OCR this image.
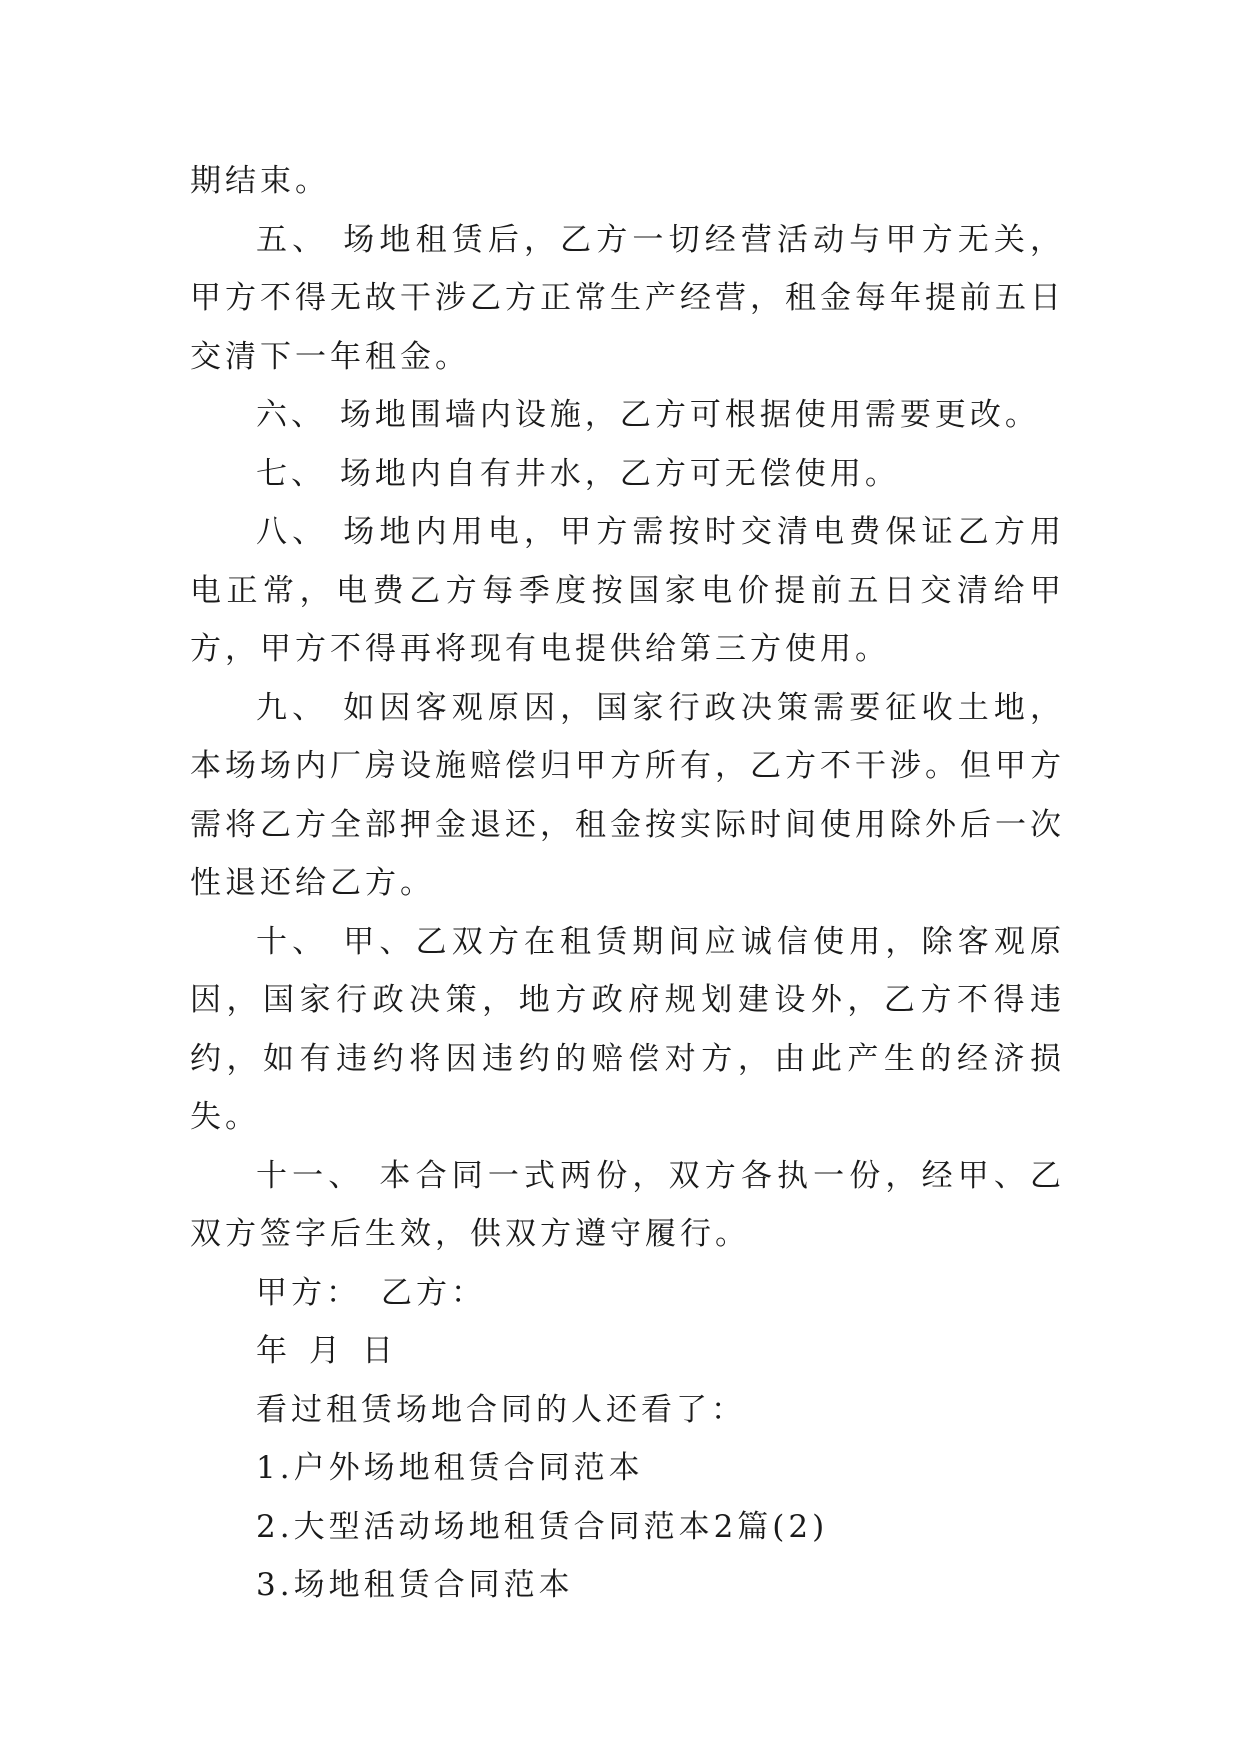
期结束。

五、 场地租赁后，乙方一切经营活动与甲方无关，甲方不得无故干涉乙方正常生产经营，租金每年提前五日交清下一年租金。

六、 场地围墙内设施，乙方可根据使用需要更改。

七、 场地内自有井水，乙方可无偿使用。

八、 场地内用电，甲方需按时交清电费保证乙方用电正常，电费乙方每季度按国家电价提前五日交清给甲方，甲方不得再将现有电提供给第三方使用。

九、 如因客观原因，国家行政决策需要征收土地，本场场内厂房设施赔偿归甲方所有，乙方不干涉。但甲方需将乙方全部押金退还，租金按实际时间使用除外后一次性退还给乙方。

十、 甲、乙双方在租赁期间应诚信使用，除客观原因，国家行政决策，地方政府规划建设外，乙方不得违约，如有违约将因违约的赔偿对方，由此产生的经济损失。

十一、 本合同一式两份，双方各执一份，经甲、乙双方签字后生效，供双方遵守履行。

甲方： 乙方：

年 月 日

看过租赁场地合同的人还看了：

1.户外场地租赁合同范本

2.大型活动场地租赁合同范本2篇(2)

3.场地租赁合同范本
